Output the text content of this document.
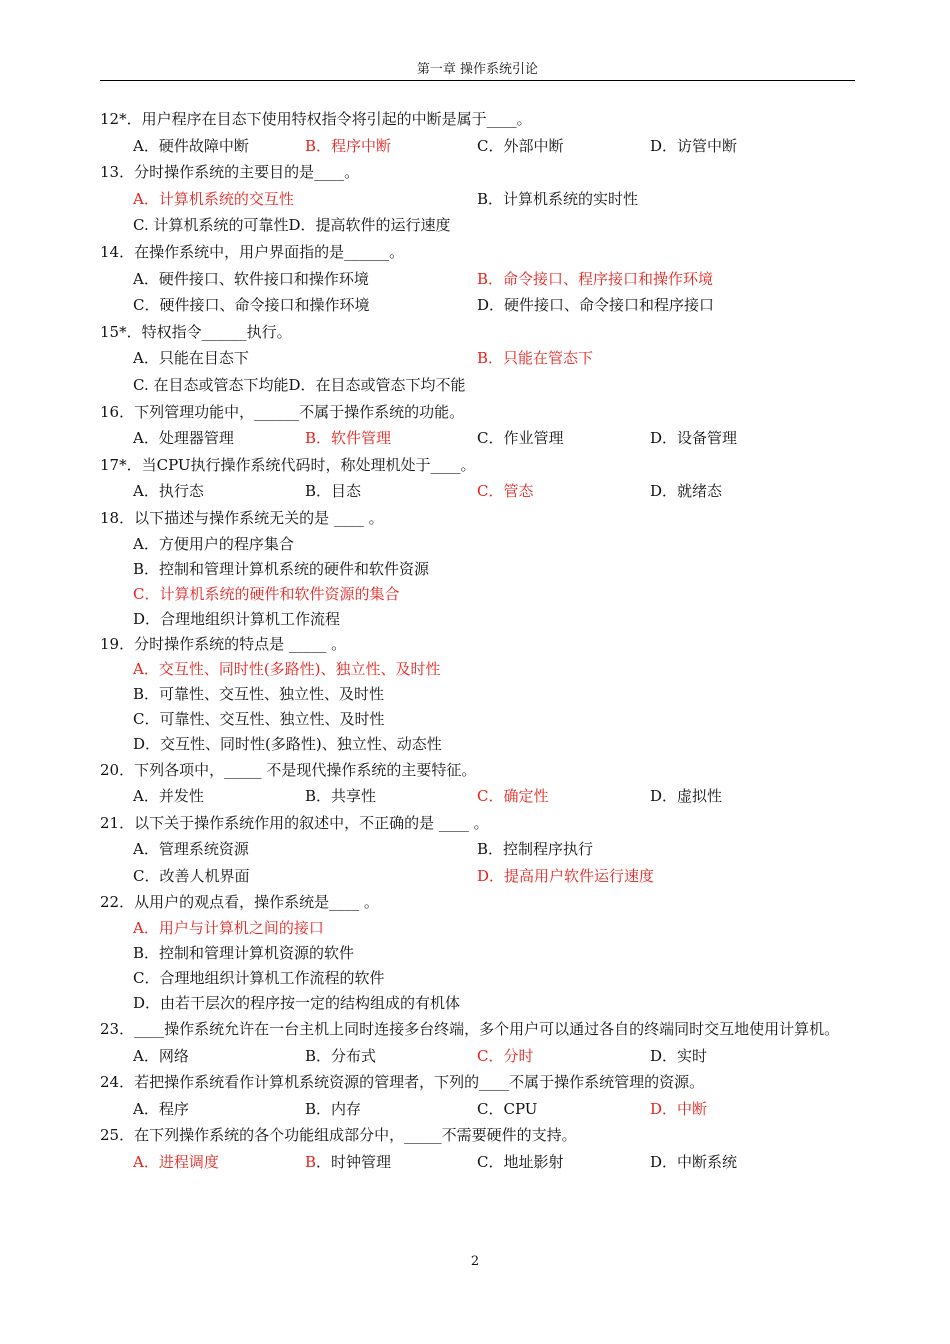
第一章 操作系统引论
12*．用户程序在目态下使用特权指令将引起的中断是属于____。
A．硬件故障中断	B．程序中断	C．外部中断	D．访管中断
13．分时操作系统的主要目的是____。
A．计算机系统的交互性	B．计算机系统的实时性
C. 计算机系统的可靠性D．提高软件的运行速度
14．在操作系统中，用户界面指的是______。
A．硬件接口、软件接口和操作环境	B．命令接口、程序接口和操作环境
C．硬件接口、命令接口和操作环境	D．硬件接口、命令接口和程序接口
15*．特权指令______执行。
A．只能在目态下	B．只能在管态下
C. 在目态或管态下均能D．在目态或管态下均不能
16．下列管理功能中，______不属于操作系统的功能。
A．处理器管理	B．软件管理	C．作业管理	D．设备管理
17*．当CPU执行操作系统代码时，称处理机处于____。
A．执行态	B．目态	C．管态	D．就绪态
18．以下描述与操作系统无关的是 ____ 。
A．方便用户的程序集合
B．控制和管理计算机系统的硬件和软件资源
C．计算机系统的硬件和软件资源的集合
D．合理地组织计算机工作流程
19．分时操作系统的特点是 _____ 。
A．交互性、同时性(多路性)、独立性、及时性
B．可靠性、交互性、独立性、及时性
C．可靠性、交互性、独立性、及时性
D．交互性、同时性(多路性)、独立性、动态性
20．下列各项中，_____ 不是现代操作系统的主要特征。
A．并发性	B．共享性	C．确定性	D．虚拟性
21．以下关于操作系统作用的叙述中，不正确的是 ____ 。
A．管理系统资源	B．控制程序执行
C．改善人机界面	D．提高用户软件运行速度
22．从用户的观点看，操作系统是____ 。
A．用户与计算机之间的接口
B．控制和管理计算机资源的软件
C．合理地组织计算机工作流程的软件
D．由若干层次的程序按一定的结构组成的有机体
23．____操作系统允许在一台主机上同时连接多台终端，多个用户可以通过各自的终端同时交互地使用计算机。
A．网络	B．分布式	C．分时	D．实时
24．若把操作系统看作计算机系统资源的管理者，下列的____不属于操作系统管理的资源。
A．程序	B．内存	C．CPU	D．中断
25．在下列操作系统的各个功能组成部分中，_____不需要硬件的支持。
A．进程调度	B．时钟管理	C．地址影射	D．中断系统
2
